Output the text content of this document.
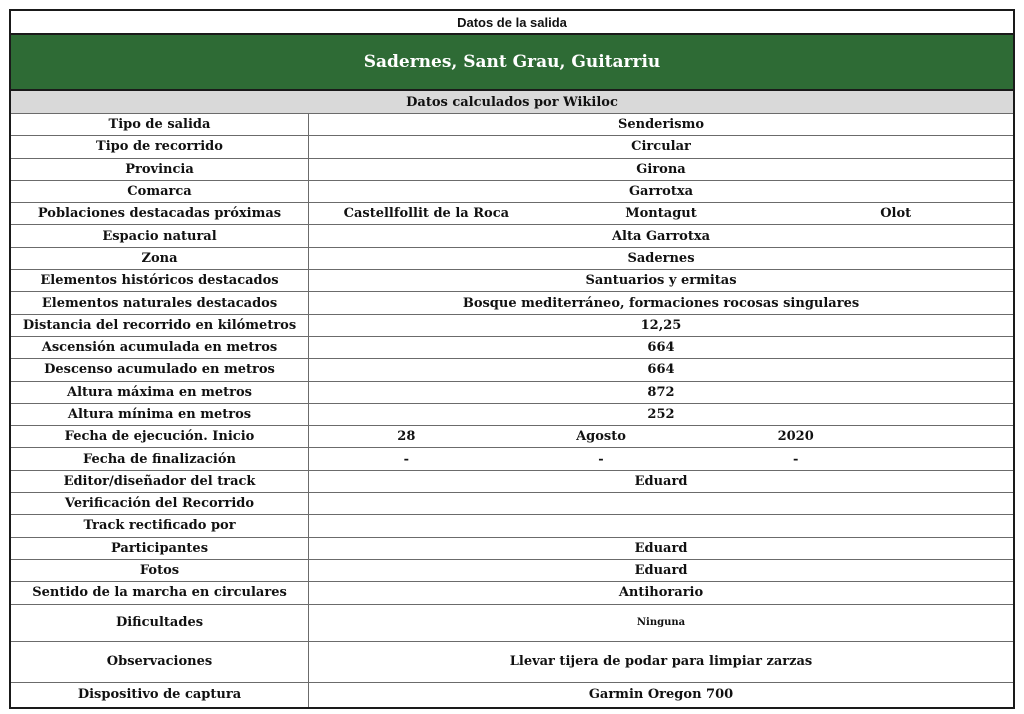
Datos de la salida
Sadernes, Sant Grau, Guitarriu
Datos calculados por Wikiloc
Tipo de salida	Senderismo
Tipo de recorrido	Circular
Provincia	Girona
Comarca	Garrotxa
Poblaciones destacadas próximas	Castellfollit de la Roca	Montagut	Olot
Espacio natural	Alta Garrotxa
Zona	Sadernes
Elementos históricos destacados	Santuarios y ermitas
Elementos naturales destacados	Bosque mediterráneo, formaciones rocosas singulares
Distancia del recorrido en kilómetros	12,25
Ascensión acumulada en metros	664
Descenso acumulado en metros	664
Altura máxima en metros	872
Altura mínima en metros	252
Fecha de ejecución. Inicio	28	Agosto	2020
Fecha de finalización	-	-	-
Editor/diseñador del track	Eduard
Verificación del Recorrido
Track rectificado por
Participantes	Eduard
Fotos	Eduard
Sentido de la marcha en circulares	Antihorario
Dificultades	Ninguna
Observaciones	Llevar tijera de podar para limpiar zarzas
Dispositivo de captura	Garmin Oregon 700
